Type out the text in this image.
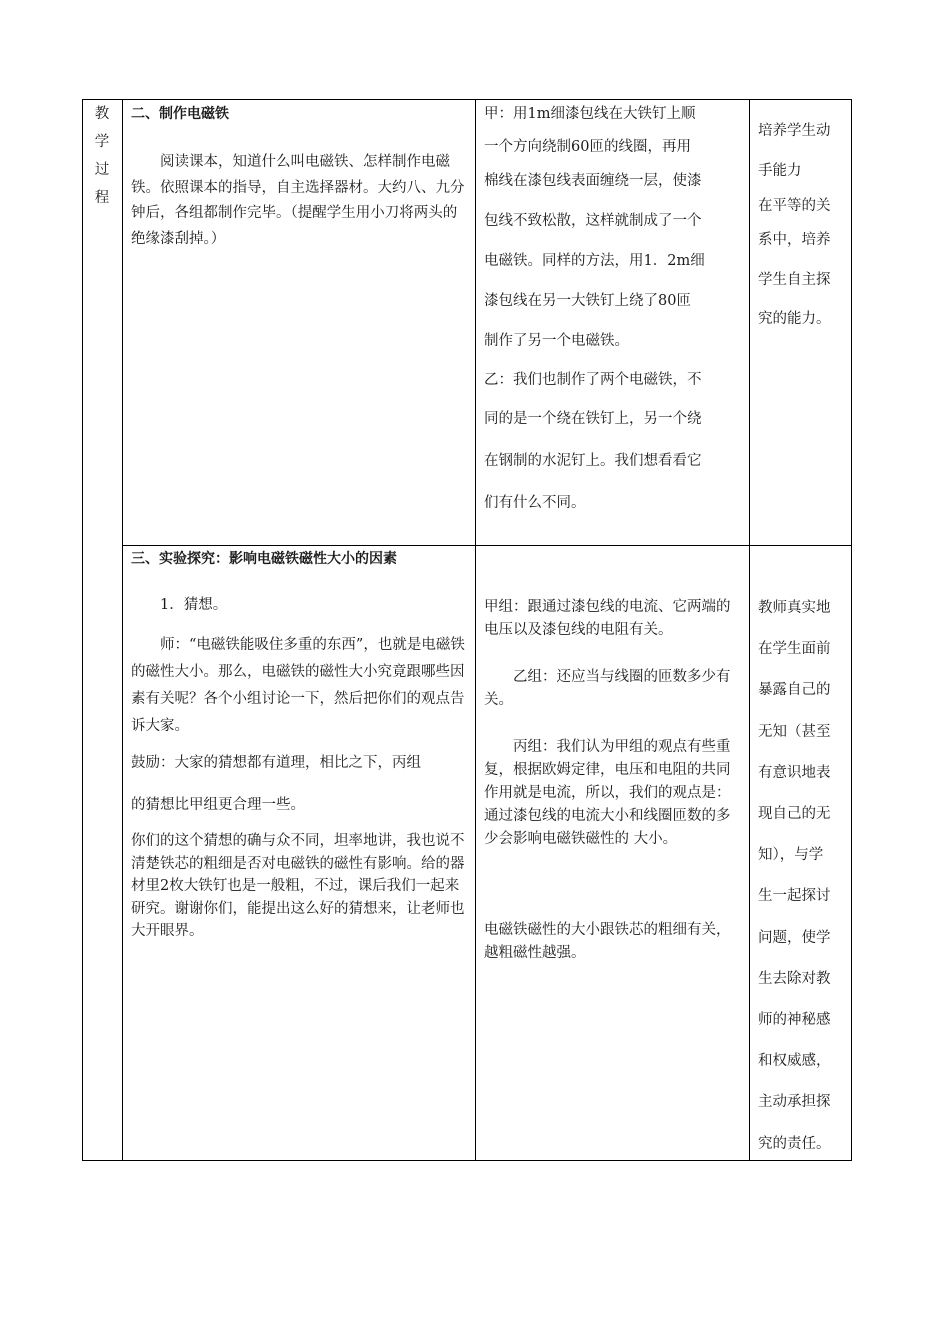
教
学
过
程

二、制作电磁铁

阅读课本，知道什么叫电磁铁、怎样制作电磁铁。依照课本的指导，自主选择器材。大约八、九分钟后，各组都制作完毕。（提醒学生用小刀将两头的绝缘漆刮掉。）

甲：用1m细漆包线在大铁钉上顺
一个方向绕制60匝的线圈，再用
棉线在漆包线表面缠绕一层，使漆
包线不致松散，这样就制成了一个
电磁铁。同样的方法，用1．2m细
漆包线在另一大铁钉上绕了80匝
制作了另一个电磁铁。
乙：我们也制作了两个电磁铁，不
同的是一个绕在铁钉上，另一个绕
在钢制的水泥钉上。我们想看看它
们有什么不同。
培养学生动
手能力
在平等的关
系中，培养
学生自主探
究的能力。

三、实验探究：影响电磁铁磁性大小的因素

1．猜想。

师：“电磁铁能吸住多重的东西”，也就是电磁铁的磁性大小。那么，电磁铁的磁性大小究竟跟哪些因素有关呢？各个小组讨论一下，然后把你们的观点告诉大家。

鼓励：大家的猜想都有道理，相比之下，丙组

的猜想比甲组更合理一些。

你们的这个猜想的确与众不同，坦率地讲，我也说不清楚铁芯的粗细是否对电磁铁的磁性有影响。给的器材里2枚大铁钉也是一般粗，不过，课后我们一起来研究。谢谢你们，能提出这么好的猜想来，让老师也大开眼界。

甲组：跟通过漆包线的电流、它两端的电压以及漆包线的电阻有关。

乙组：还应当与线圈的匝数多少有关。

丙组：我们认为甲组的观点有些重复，根据欧姆定律，电压和电阻的共同作用就是电流，所以，我们的观点是：通过漆包线的电流大小和线圈匝数的多少会影响电磁铁磁性的 大小。

电磁铁磁性的大小跟铁芯的粗细有关，越粗磁性越强。

教师真实地
在学生面前
暴露自己的
无知（甚至
有意识地表
现自己的无
知），与学
生一起探讨
问题，使学
生去除对教
师的神秘感
和权威感，
主动承担探
究的责任。
